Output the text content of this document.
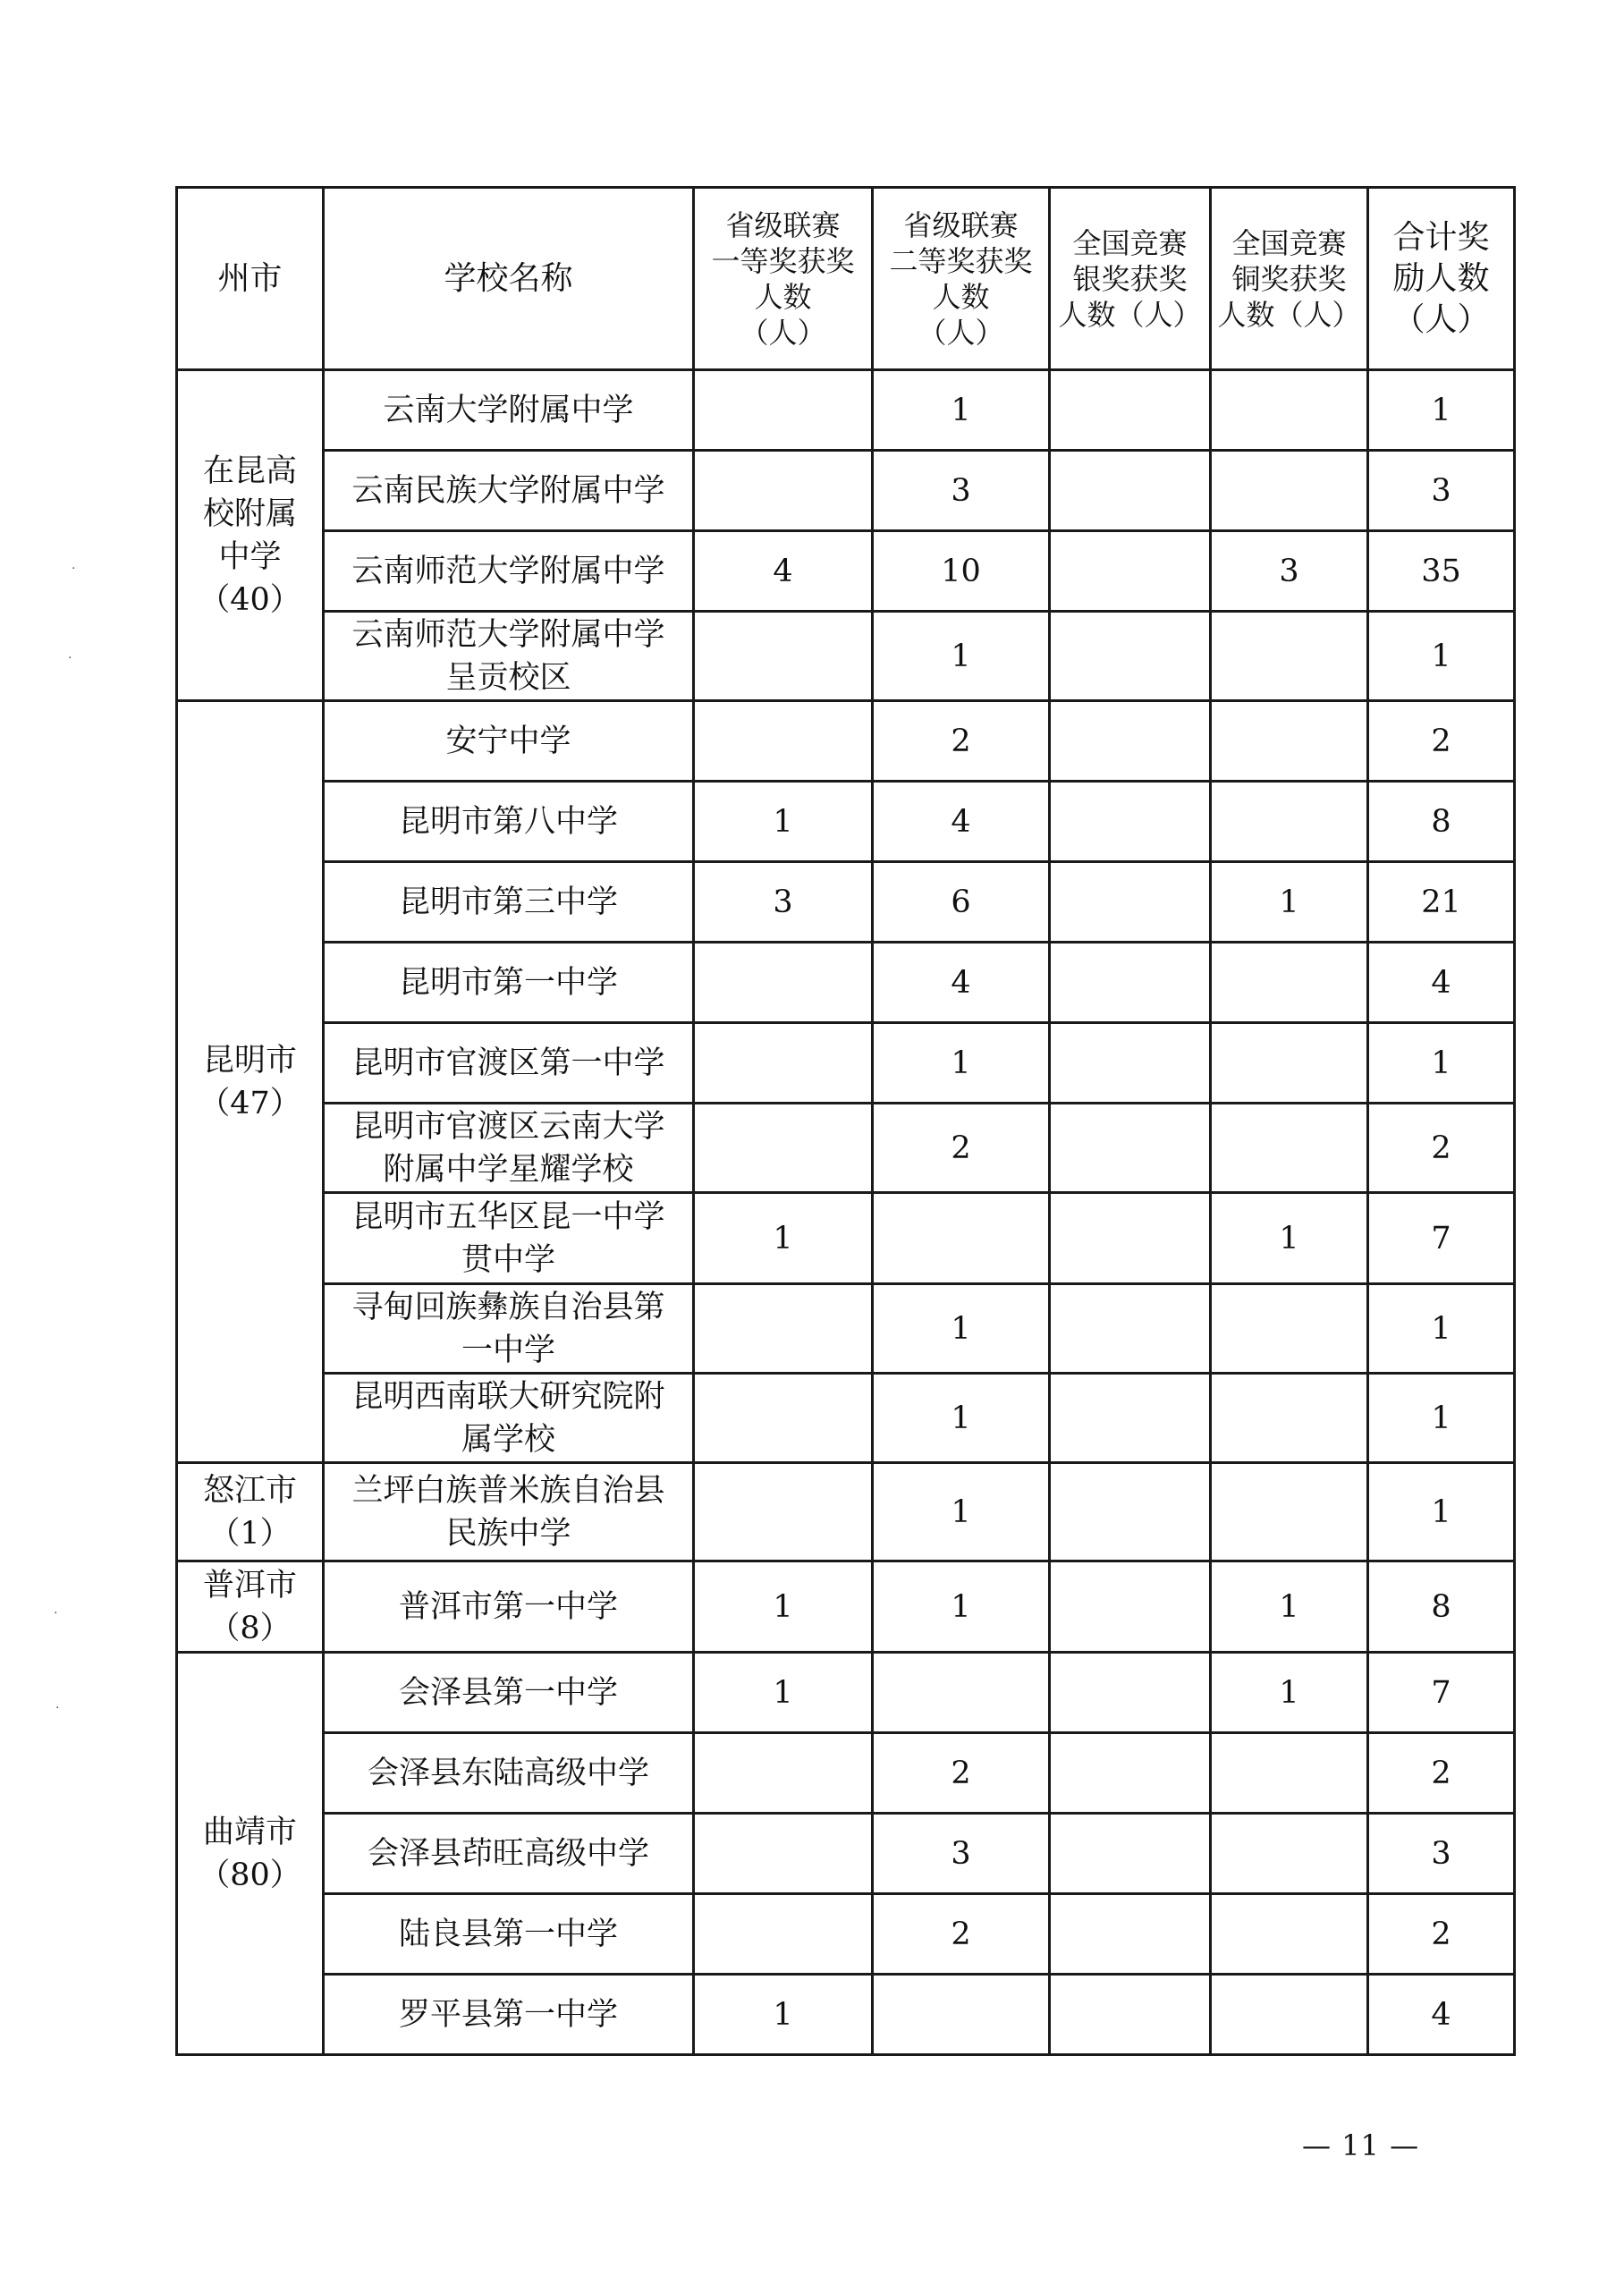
州市	学校名称	省级联赛
一等奖获奖
人数
（人）	省级联赛
二等奖获奖
人数
（人）	全国竞赛
银奖获奖
人数（人）	全国竞赛
铜奖获奖
人数（人）	合计奖
励人数
（人）

在昆高
校附属
中学
（40）	云南大学附属中学		1			1

	云南民族大学附属中学		3			3

	云南师范大学附属中学	4	10		3	35

	云南师范大学附属中学
呈贡校区		1			1

昆明市
（47）	安宁中学		2			2

	昆明市第八中学	1	4			8

	昆明市第三中学	3	6		1	21

	昆明市第一中学		4			4

	昆明市官渡区第一中学		1			1

	昆明市官渡区云南大学
附属中学星耀学校		2			2

	昆明市五华区昆一中学
贯中学	1			1	7

	寻甸回族彝族自治县第
一中学		1			1

	昆明西南联大研究院附
属学校		1			1

怒江市
（1）	兰坪白族普米族自治县
民族中学		1			1

普洱市
（8）	普洱市第一中学	1	1		1	8

曲靖市
（80）	会泽县第一中学	1			1	7

	会泽县东陆高级中学		2			2

	会泽县茚旺高级中学		3			3

	陆良县第一中学		2			2

	罗平县第一中学	1				4
— 11 —
·
·
·
·
